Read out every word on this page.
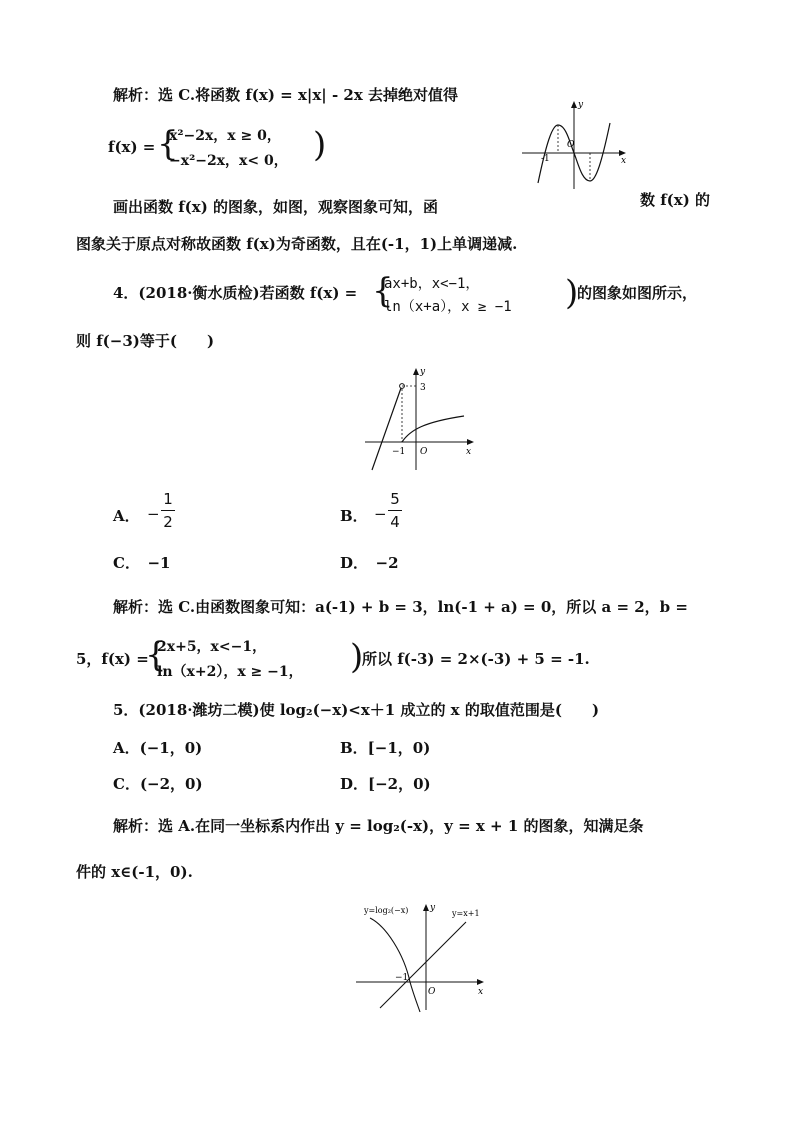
解析：选 C.将函数 f(x) = x|x| - 2x 去掉绝对值得
f(x) = {
x²−2x，x ≥ 0，
−x²−2x，x< 0， )
y
x
O
-1
画出函数 f(x) 的图象，如图，观察图象可知，函	数 f(x) 的
图象关于原点对称故函数 f(x)为奇函数，且在(-1，1)上单调递减.
4．(2018·衡水质检)若函数 f(x) = {
ax+b，x<−1，
ln（x+a），x ≥ −1 )
的图象如图所示，
则 f(−3)等于(　　)
y
x
O
3
−1
A． −
1
2	B． −
5
4
C．　−1	D．　−2
解析：选 C.由函数图象可知：a(-1) + b = 3，ln(-1 + a) = 0，所以 a = 2，b =
5，f(x) =
{
2x+5，x<−1，
ln（x+2），x ≥ −1， )
所以 f(-3) = 2×(-3) + 5 = -1.
5．(2018·潍坊二模)使 log₂(−x)<x＋1 成立的 x 的取值范围是(　　)
A．(−1，0)	B．[−1，0)
C．(−2，0)	D．[−2，0)
解析：选 A.在同一坐标系内作出 y = log₂(-x)，y = x + 1 的图象，知满足条
件的 x∈(-1，0).
y=log₂(−x)	y=x+1
y
x
O
−1
